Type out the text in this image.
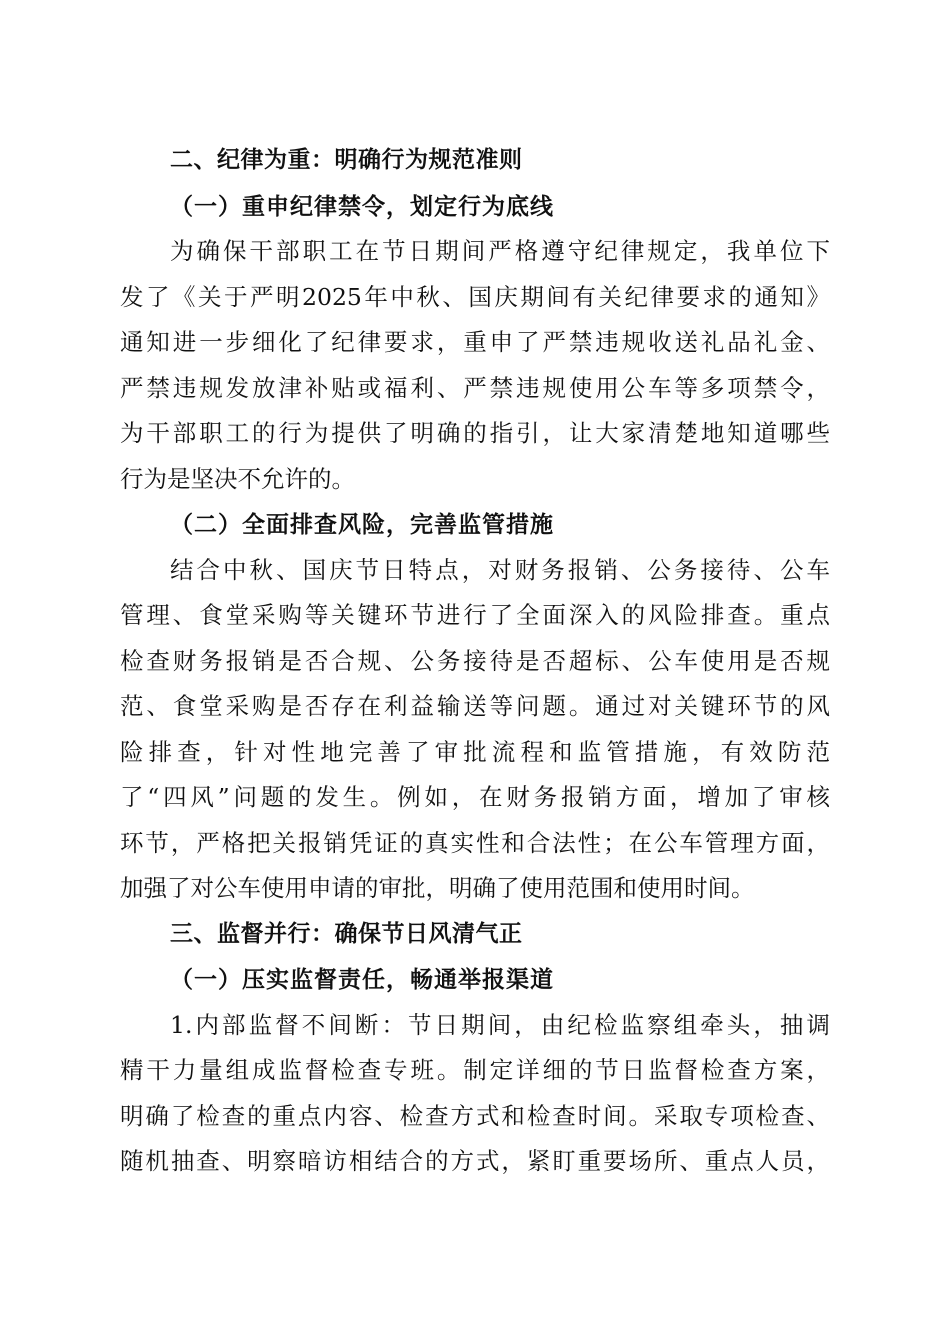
二、纪律为重：明确行为规范准则
（一）重申纪律禁令，划定行为底线
为确保干部职工在节日期间严格遵守纪律规定，我单位下
发了《关于严明2025年中秋、国庆期间有关纪律要求的通知》
通知进一步细化了纪律要求，重申了严禁违规收送礼品礼金、
严禁违规发放津补贴或福利、严禁违规使用公车等多项禁令，
为干部职工的行为提供了明确的指引，让大家清楚地知道哪些
行为是坚决不允许的。
（二）全面排查风险，完善监管措施
结合中秋、国庆节日特点，对财务报销、公务接待、公车
管理、食堂采购等关键环节进行了全面深入的风险排查。重点
检查财务报销是否合规、公务接待是否超标、公车使用是否规
范、食堂采购是否存在利益输送等问题。通过对关键环节的风
险排查，针对性地完善了审批流程和监管措施，有效防范
了“四风”问题的发生。例如，在财务报销方面，增加了审核
环节，严格把关报销凭证的真实性和合法性；在公车管理方面，
加强了对公车使用申请的审批，明确了使用范围和使用时间。
三、监督并行：确保节日风清气正
（一）压实监督责任，畅通举报渠道
1.内部监督不间断：节日期间，由纪检监察组牵头，抽调
精干力量组成监督检查专班。制定详细的节日监督检查方案，
明确了检查的重点内容、检查方式和检查时间。采取专项检查、
随机抽查、明察暗访相结合的方式，紧盯重要场所、重点人员，
